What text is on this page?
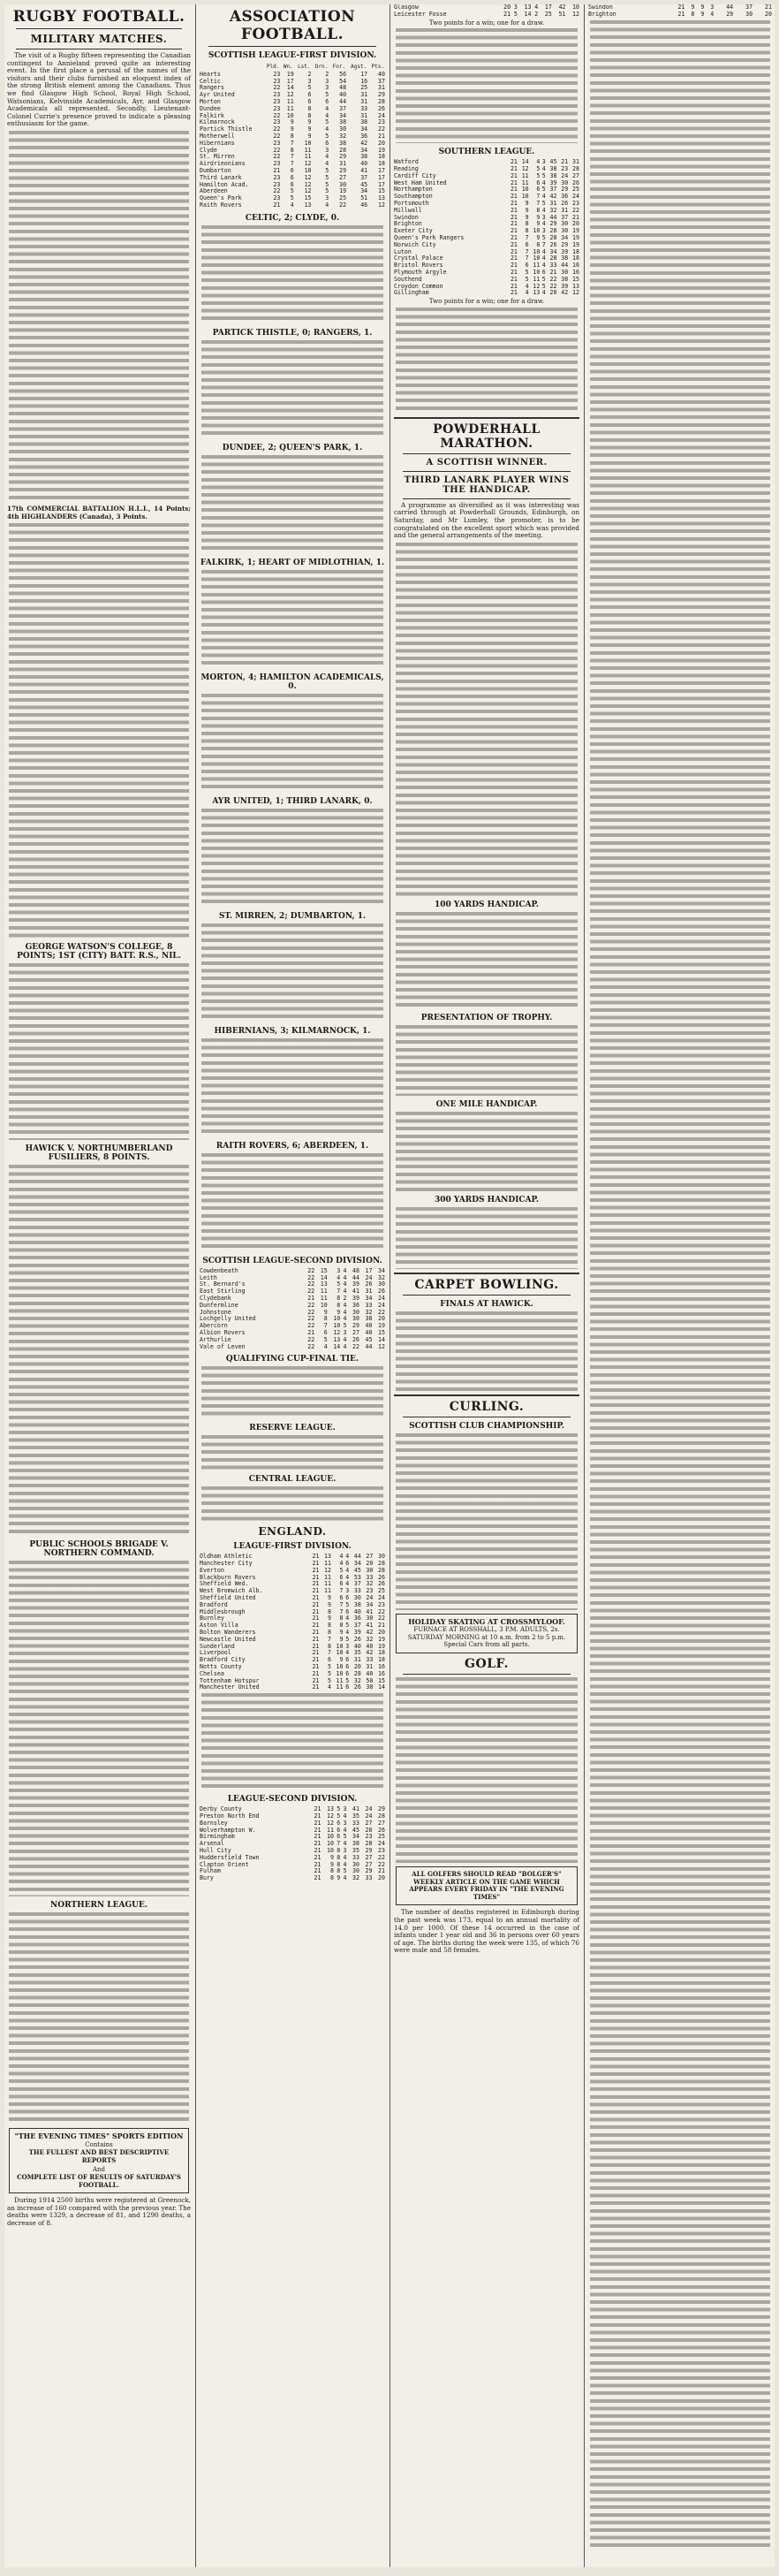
RUGBY FOOTBALL.
MILITARY MATCHES.

The visit of a Rugby fifteen representing the Canadian contingent to Annieland proved quite an interesting event. In the first place a perusal of the names of the visitors and their clubs furnished an eloquent index of the strong British element among the Canadians. Thus we find Glasgow High School, Royal High School, Watsonians, Kelvinside Academicals, Ayr, and Glasgow Academicals all represented. Secondly, Lieutenant-Colonel Currie's presence proved to indicate a pleasing enthusiasm for the game.

17th COMMERCIAL BATTALION H.L.I., 14 Points; 4th HIGHLANDERS (Canada), 3 Points.

GEORGE WATSON'S COLLEGE, 8 POINTS; 1ST (CITY) BATT. R.S., NIL.
HAWICK V. NORTHUMBERLAND FUSILIERS, 8 POINTS.
PUBLIC SCHOOLS BRIGADE V. NORTHERN COMMAND.
NORTHERN LEAGUE.
"THE EVENING TIMES" SPORTS EDITION
Contains
THE FULLEST AND BEST DESCRIPTIVE REPORTS
And
COMPLETE LIST OF RESULTS OF SATURDAY'S FOOTBALL.

During 1914 2500 births were registered at Greenock, an increase of 160 compared with the previous year. The deaths were 1329, a decrease of 81, and 1290 deaths, a decrease of 8.

ASSOCIATION FOOTBALL.
SCOTTISH LEAGUE-FIRST DIVISION.
	Pld.	Wn.	Lst.	Drn.	For.	Agst.	Pts.
Hearts	23	19	2	2	56	17	40
Celtic	23	17	3	3	54	16	37
Rangers	22	14	5	3	48	25	31
Ayr United	23	12	6	5	40	31	29
Morton	23	11	6	6	44	31	28
Dundee	23	11	8	4	37	33	26
Falkirk	22	10	8	4	34	31	24
Kilmarnock	23	9	9	5	38	38	23
Partick Thistle	22	9	9	4	30	34	22
Motherwell	22	8	9	5	32	36	21
Hibernians	23	7	10	6	38	42	20
Clyde	22	8	11	3	28	34	19
St. Mirren	22	7	11	4	29	38	18
Airdrieonians	23	7	12	4	31	40	18
Dumbarton	21	6	10	5	29	41	17
Third Lanark	23	6	12	5	27	37	17
Hamilton Acad.	23	6	12	5	30	45	17
Aberdeen	22	5	12	5	19	34	15
Queen's Park	23	5	15	3	25	51	13
Raith Rovers	21	4	13	4	22	46	12
CELTIC, 2; CLYDE, 0.
PARTICK THISTLE, 0; RANGERS, 1.
DUNDEE, 2; QUEEN'S PARK, 1.
FALKIRK, 1; HEART OF MIDLOTHIAN, 1.
MORTON, 4; HAMILTON ACADEMICALS, 0.
AYR UNITED, 1; THIRD LANARK, 0.
ST. MIRREN, 2; DUMBARTON, 1.
HIBERNIANS, 3; KILMARNOCK, 1.
RAITH ROVERS, 6; ABERDEEN, 1.
SCOTTISH LEAGUE-SECOND DIVISION.
Cowdenbeath	22	15	3	4	48	17	34
Leith	22	14	4	4	44	24	32
St. Bernard's	22	13	5	4	39	26	30
East Stirling	22	11	7	4	41	31	26
Clydebank	21	11	8	2	39	34	24
Dunfermline	22	10	8	4	36	33	24
Johnstone	22	9	9	4	30	32	22
Lochgelly United	22	8	10	4	30	38	20
Abercorn	22	7	10	5	29	40	19
Albion Rovers	21	6	12	3	27	40	15
Arthurlie	22	5	13	4	26	45	14
Vale of Leven	22	4	14	4	22	44	12
QUALIFYING CUP-FINAL TIE.
RESERVE LEAGUE.
CENTRAL LEAGUE.
ENGLAND.
LEAGUE-FIRST DIVISION.
Oldham Athletic	21	13	4	4	44	27	30
Manchester City	21	11	4	6	34	20	28
Everton	21	12	5	4	45	30	28
Blackburn Rovers	21	11	6	4	53	33	26
Sheffield Wed.	21	11	6	4	37	32	26
West Bromwich Alb.	21	11	7	3	33	23	25
Sheffield United	21	9	6	6	30	24	24
Bradford	21	9	7	5	38	34	23
Middlesbrough	21	8	7	6	40	41	22
Burnley	21	9	8	4	36	30	22
Aston Villa	21	8	8	5	37	41	21
Bolton Wanderers	21	8	9	4	39	42	20
Newcastle United	21	7	9	5	26	32	19
Sunderland	21	8	10	3	40	40	19
Liverpool	21	7	10	4	35	42	18
Bradford City	21	6	9	6	31	33	18
Notts County	21	5	10	6	20	31	16
Chelsea	21	5	10	6	28	40	16
Tottenham Hotspur	21	5	11	5	32	50	15
Manchester United	21	4	11	6	26	38	14
LEAGUE-SECOND DIVISION.
Derby County	21	13	5	3	41	24	29
Preston North End	21	12	5	4	35	24	28
Barnsley	21	12	6	3	33	27	27
Wolverhampton W.	21	11	6	4	45	28	26
Birmingham	21	10	6	5	34	23	25
Arsenal	21	10	7	4	38	28	24
Hull City	21	10	8	3	35	29	23
Huddersfield Town	21	9	8	4	33	27	22
Clapton Orient	21	9	8	4	30	27	22
Fulham	21	8	8	5	30	29	21
Bury	21	8	9	4	32	33	20
Glasgow	20	3	13	4	17	42	10
Leicester Fosse	21	5	14	2	25	51	12
Two points for a win; one for a draw.
SOUTHERN LEAGUE.
Watford	21	14	4	3	45	21	31
Reading	21	12	5	4	38	23	28
Cardiff City	21	11	5	5	38	24	27
West Ham United	21	11	6	4	39	30	26
Northampton	21	10	6	5	37	29	25
Southampton	21	10	7	4	42	36	24
Portsmouth	21	9	7	5	31	26	23
Millwall	21	9	8	4	32	31	22
Swindon	21	9	9	3	44	37	21
Brighton	21	8	9	4	29	30	20
Exeter City	21	8	10	3	28	30	19
Queen's Park Rangers	21	7	9	5	28	34	19
Norwich City	21	6	8	7	26	29	19
Luton	21	7	10	4	34	39	18
Crystal Palace	21	7	10	4	28	38	18
Bristol Rovers	21	6	11	4	33	44	16
Plymouth Argyle	21	5	10	6	21	30	16
Southend	21	5	11	5	22	38	15
Croydon Common	21	4	12	5	22	39	13
Gillingham	21	4	13	4	20	42	12
Two points for a win; one for a draw.
POWDERHALL MARATHON.
A SCOTTISH WINNER.
THIRD LANARK PLAYER WINS THE HANDICAP.

A programme as diversified as it was interesting was carried through at Powderhall Grounds, Edinburgh, on Saturday, and Mr Lumley, the promoter, is to be congratulated on the excellent sport which was provided and the general arrangements of the meeting.

100 YARDS HANDICAP.
PRESENTATION OF TROPHY.
ONE MILE HANDICAP.
300 YARDS HANDICAP.
CARPET BOWLING.
FINALS AT HAWICK.
CURLING.
SCOTTISH CLUB CHAMPIONSHIP.
HOLIDAY SKATING AT CROSSMYLOOF.
FURNACE AT ROSSHALL, 3 P.M. ADULTS, 2s. SATURDAY MORNING at 10 a.m. from 2 to 5 p.m. Special Cars from all parts.
GOLF.
ALL GOLFERS SHOULD READ "BOLGER'S" WEEKLY ARTICLE ON THE GAME WHICH APPEARS EVERY FRIDAY IN "THE EVENING TIMES"

The number of deaths registered in Edinburgh during the past week was 173, equal to an annual mortality of 14.0 per 1000. Of these 14 occurred in the case of infants under 1 year old and 36 in persons over 60 years of age. The births during the week were 135, of which 76 were male and 58 females.

Swindon	21	9	9	3	44	37	21
Brighton	21	8	9	4	29	30	20
